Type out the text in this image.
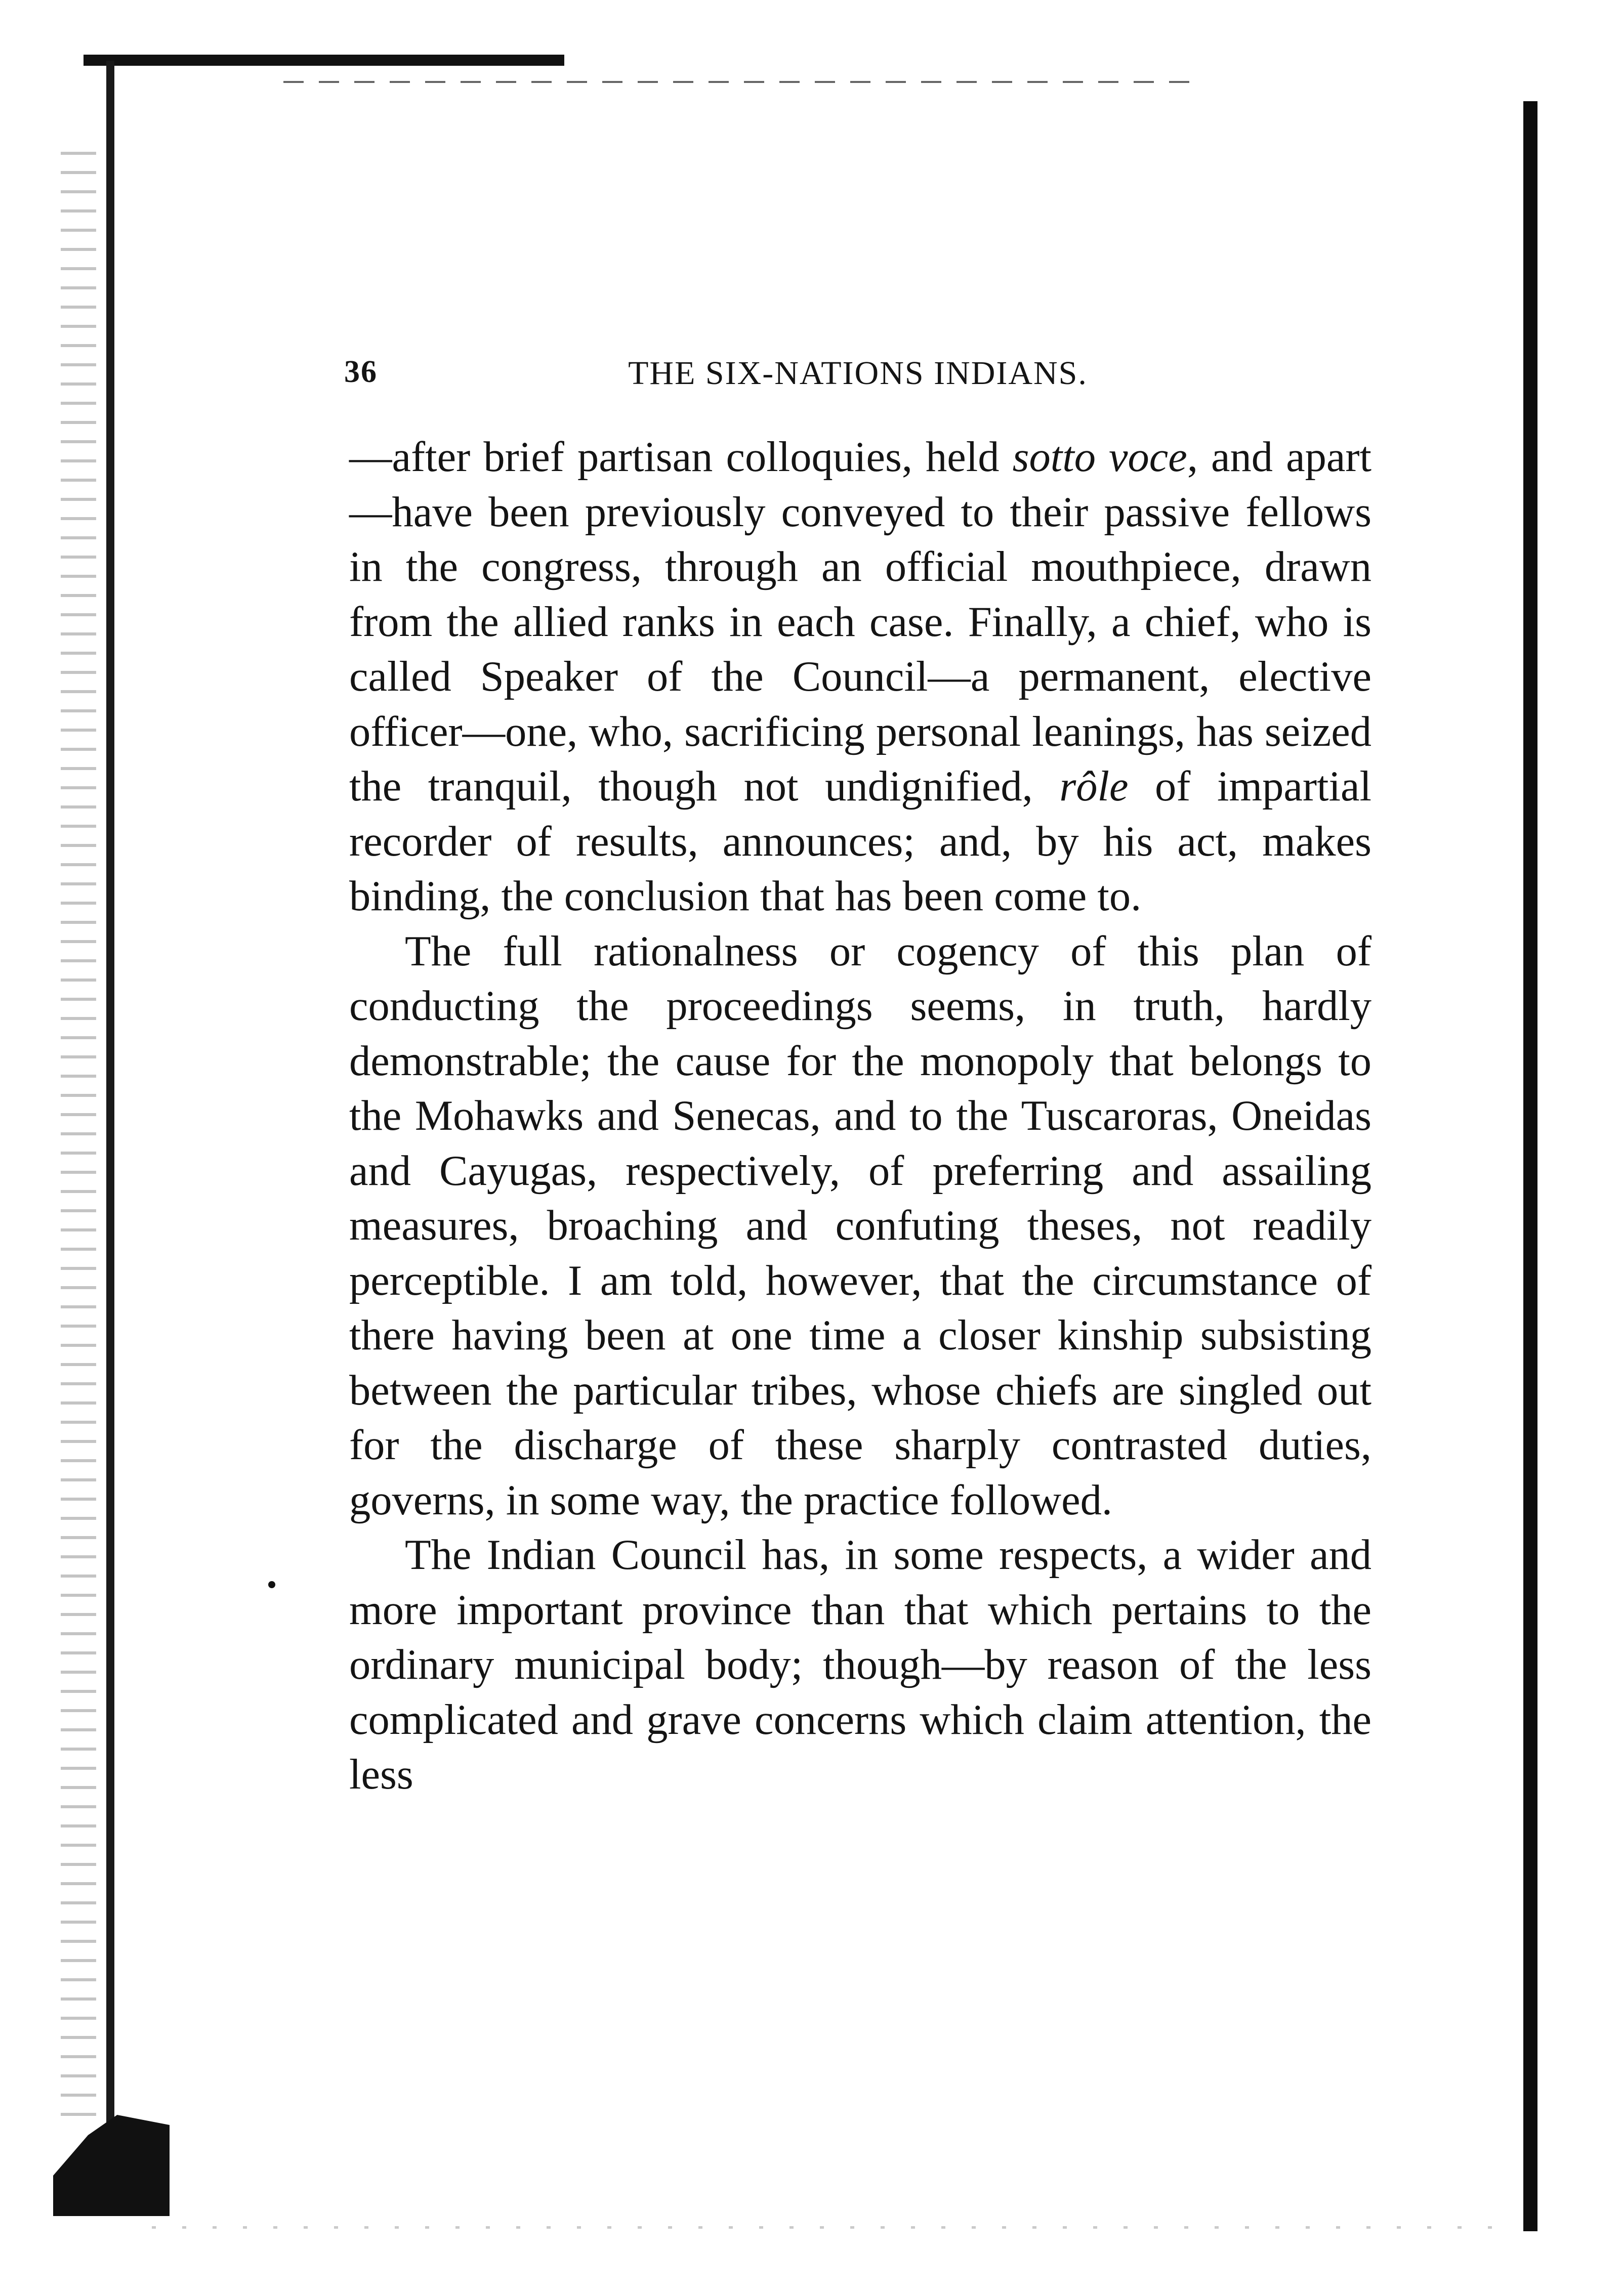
36	THE SIX-NATIONS INDIANS.

—after brief partisan colloquies, held sotto voce, and apart—have been previously conveyed to their passive fellows in the congress, through an official mouthpiece, drawn from the allied ranks in each case. Finally, a chief, who is called Speaker of the Council—a permanent, elective officer—one, who, sacrificing personal leanings, has seized the tranquil, though not undignified, rôle of impartial recorder of results, announces; and, by his act, makes binding, the conclusion that has been come to.

The full rationalness or cogency of this plan of conducting the proceedings seems, in truth, hardly demonstrable; the cause for the monopoly that belongs to the Mohawks and Senecas, and to the Tuscaroras, Oneidas and Cayugas, respectively, of preferring and assailing measures, broaching and confuting theses, not readily perceptible. I am told, however, that the circumstance of there having been at one time a closer kinship subsisting between the particular tribes, whose chiefs are singled out for the discharge of these sharply contrasted duties, governs, in some way, the practice followed.

The Indian Council has, in some respects, a wider and more important province than that which pertains to the ordinary municipal body; though—by reason of the less complicated and grave concerns which claim attention, the less
